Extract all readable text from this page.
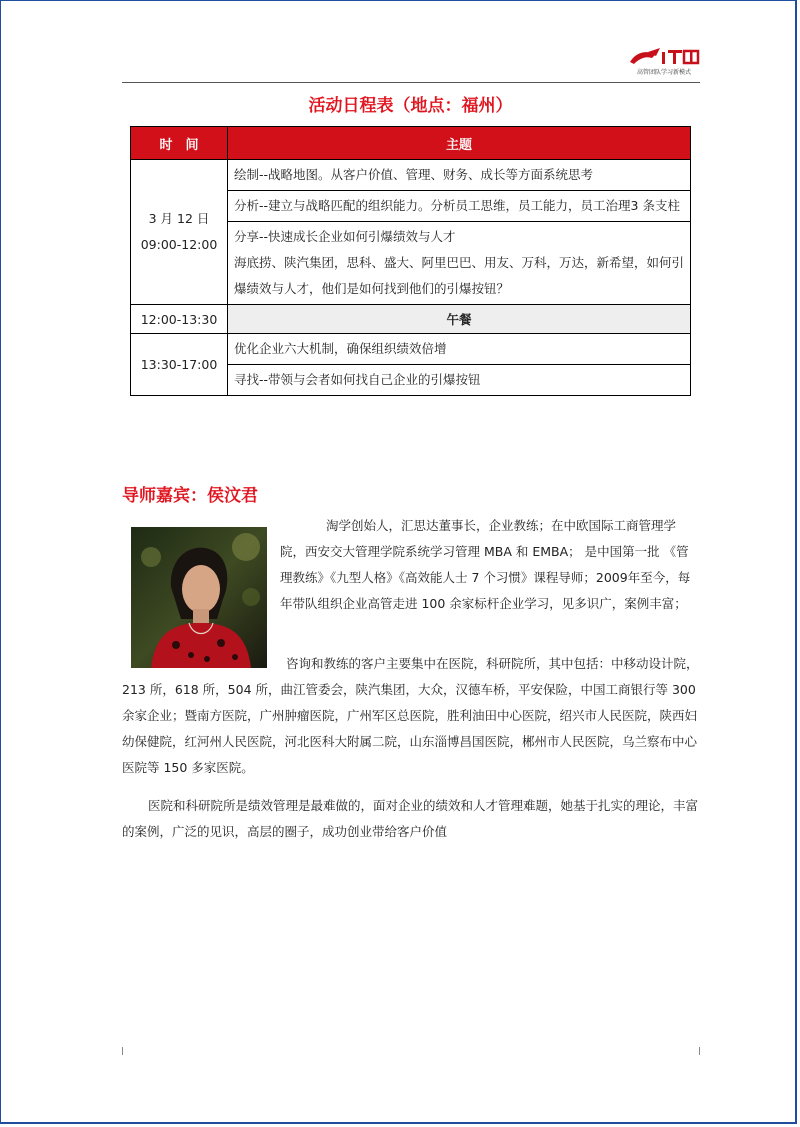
高管团队学习新模式
活动日程表（地点：福州）
时　间	主题

3 月 12 日
09:00-12:00	绘制--战略地图。从客户价值、管理、财务、成长等方面系统思考
	分析--建立与战略匹配的组织能力。分析员工思维，员工能力，员工治理3 条支柱

	分享--快速成长企业如何引爆绩效与人才
海底捞、陕汽集团，思科、盛大、阿里巴巴、用友、万科，万达，新希望，如何引爆绩效与人才，他们是如何找到他们的引爆按钮？

12:00-13:30	午餐
13:30-17:00	优化企业六大机制，确保组织绩效倍增
	寻找--带领与会者如何找自己企业的引爆按钮
导师嘉宾：侯汶君
淘学创始人，汇思达董事长，企业教练；在中欧国际工商管理学院，西安交大管理学院系统学习管理 MBA 和 EMBA； 是中国第一批 《管理教练》《九型人格》《高效能人士 7 个习惯》课程导师；2009年至今，每年带队组织企业高管走进 100 余家标杆企业学习，见多识广，案例丰富；
咨询和教练的客户主要集中在医院，科研院所，其中包括：中移动设计院，213 所，618 所，504 所，曲江管委会，陕汽集团，大众，汉德车桥，平安保险，中国工商银行等 300 余家企业；暨南方医院，广州肿瘤医院，广州军区总医院，胜利油田中心医院，绍兴市人民医院，陕西妇幼保健院，红河州人民医院，河北医科大附属二院，山东淄博昌国医院，郴州市人民医院，乌兰察布中心医院等 150 多家医院。
医院和科研院所是绩效管理是最难做的，面对企业的绩效和人才管理难题，她基于扎实的理论，丰富的案例，广泛的见识，高层的圈子，成功创业带给客户价值
